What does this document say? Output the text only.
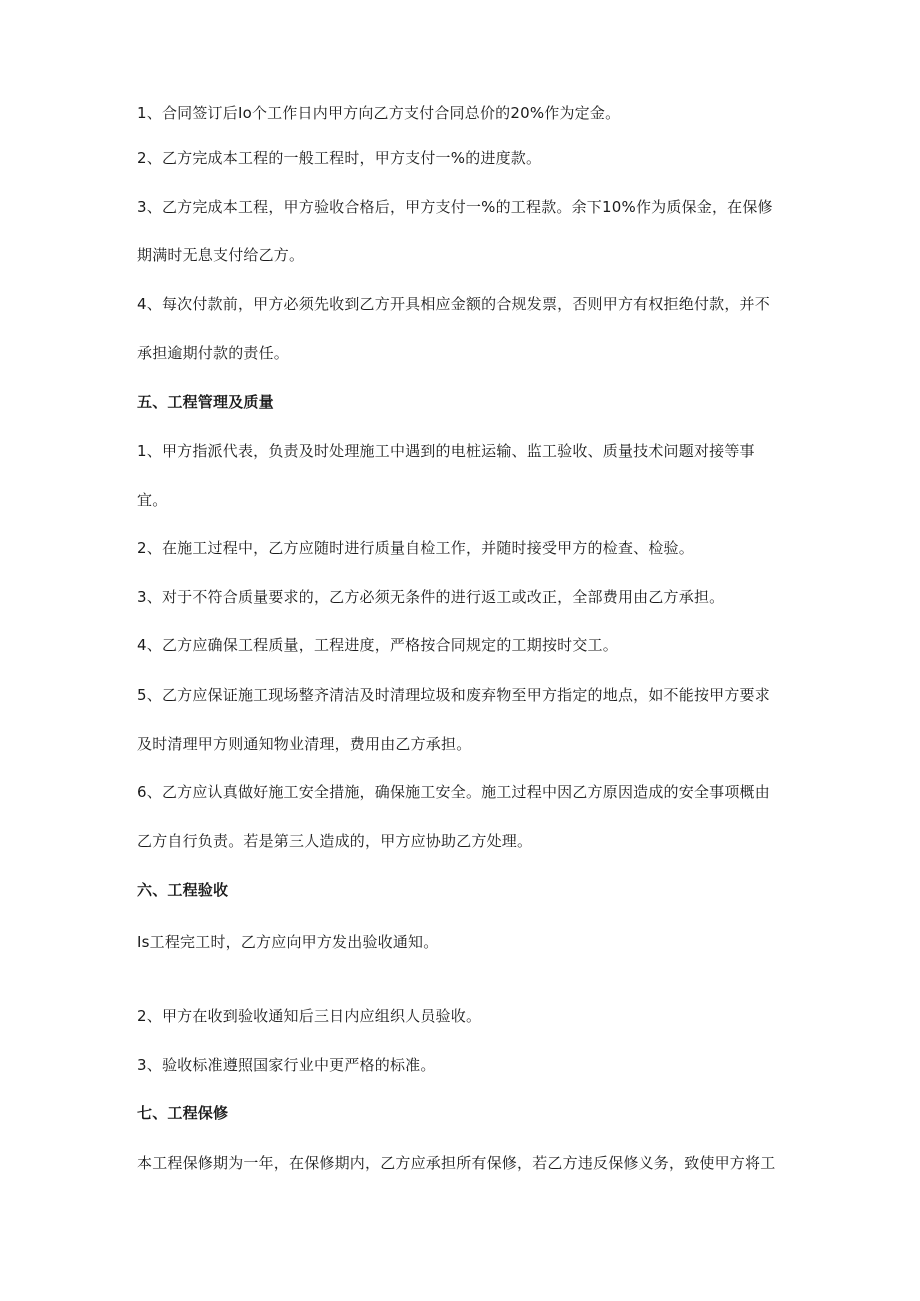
1、合同签订后Io个工作日内甲方向乙方支付合同总价的20%作为定金。
2、乙方完成本工程的一般工程时，甲方支付一%的进度款。
3、乙方完成本工程，甲方验收合格后，甲方支付一%的工程款。余下10%作为质保金，在保修
期满时无息支付给乙方。
4、每次付款前，甲方必须先收到乙方开具相应金额的合规发票，否则甲方有权拒绝付款，并不
承担逾期付款的责任。
五、工程管理及质量
1、甲方指派代表，负责及时处理施工中遇到的电桩运输、监工验收、质量技术问题对接等事
宜。
2、在施工过程中，乙方应随时进行质量自检工作，并随时接受甲方的检查、检验。
3、对于不符合质量要求的，乙方必须无条件的进行返工或改正，全部费用由乙方承担。
4、乙方应确保工程质量，工程进度，严格按合同规定的工期按时交工。
5、乙方应保证施工现场整齐清洁及时清理垃圾和废弃物至甲方指定的地点，如不能按甲方要求
及时清理甲方则通知物业清理，费用由乙方承担。
6、乙方应认真做好施工安全措施，确保施工安全。施工过程中因乙方原因造成的安全事项概由
乙方自行负责。若是第三人造成的，甲方应协助乙方处理。
六、工程验收
Is工程完工时，乙方应向甲方发出验收通知。
2、甲方在收到验收通知后三日内应组织人员验收。
3、验收标准遵照国家行业中更严格的标准。
七、工程保修
本工程保修期为一年，在保修期内，乙方应承担所有保修，若乙方违反保修义务，致使甲方将工
